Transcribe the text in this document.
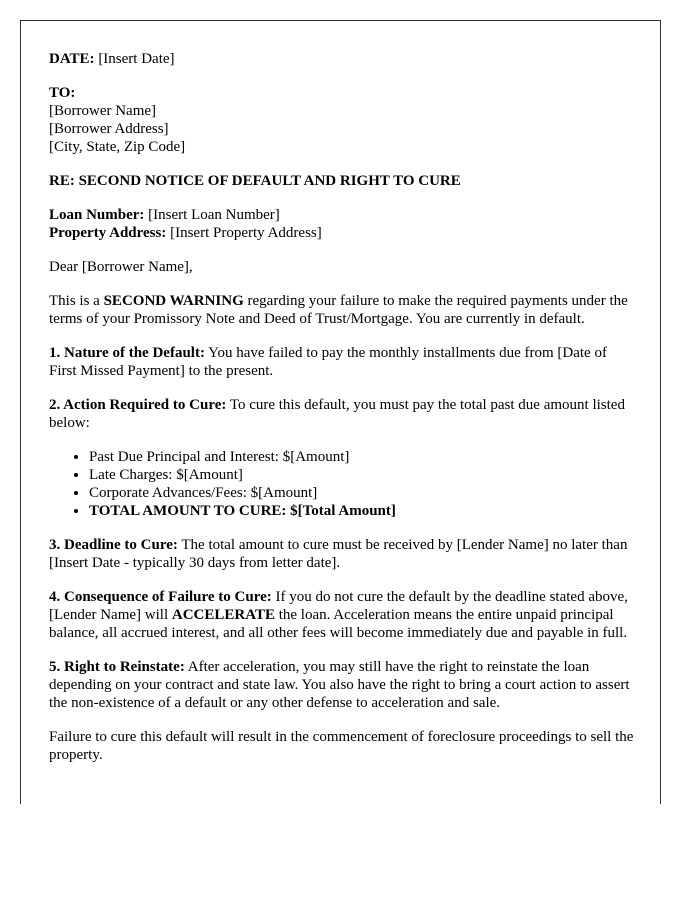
DATE: [Insert Date]

TO:
[Borrower Name]
[Borrower Address]
[City, State, Zip Code]

RE: SECOND NOTICE OF DEFAULT AND RIGHT TO CURE

Loan Number: [Insert Loan Number]
Property Address: [Insert Property Address]

Dear [Borrower Name],

This is a SECOND WARNING regarding your failure to make the required payments under the terms of your Promissory Note and Deed of Trust/Mortgage. You are currently in default.

1. Nature of the Default: You have failed to pay the monthly installments due from [Date of First Missed Payment] to the present.

2. Action Required to Cure: To cure this default, you must pay the total past due amount listed below:

• Past Due Principal and Interest: $[Amount]
• Late Charges: $[Amount]
• Corporate Advances/Fees: $[Amount]
• TOTAL AMOUNT TO CURE: $[Total Amount]

3. Deadline to Cure: The total amount to cure must be received by [Lender Name] no later than [Insert Date - typically 30 days from letter date].

4. Consequence of Failure to Cure: If you do not cure the default by the deadline stated above, [Lender Name] will ACCELERATE the loan. Acceleration means the entire unpaid principal balance, all accrued interest, and all other fees will become immediately due and payable in full.

5. Right to Reinstate: After acceleration, you may still have the right to reinstate the loan depending on your contract and state law. You also have the right to bring a court action to assert the non-existence of a default or any other defense to acceleration and sale.

Failure to cure this default will result in the commencement of foreclosure proceedings to sell the property.
